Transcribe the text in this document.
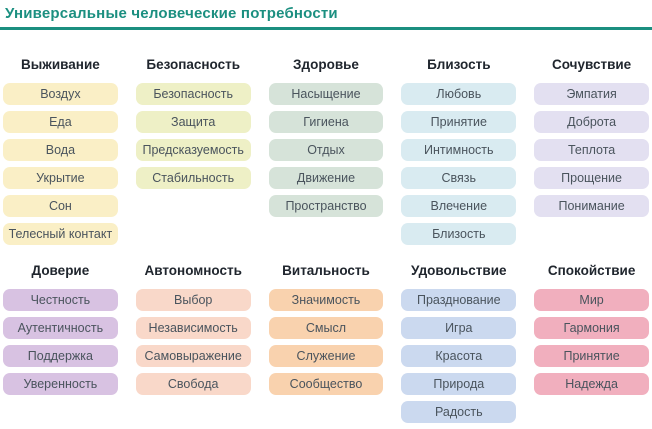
Универсальные человеческие потребности
Выживание
Воздух
Еда
Вода
Укрытие
Сон
Телесный контакт
Безопасность
Безопасность
Защита
Предсказуемость
Стабильность
Здоровье
Насыщение
Гигиена
Отдых
Движение
Пространство
Близость
Любовь
Принятие
Интимность
Связь
Влечение
Близость
Сочувствие
Эмпатия
Доброта
Теплота
Прощение
Понимание
Доверие
Честность
Аутентичность
Поддержка
Уверенность
Автономность
Выбор
Независимость
Самовыражение
Свобода
Витальность
Значимость
Смысл
Служение
Сообщество
Удовольствие
Празднование
Игра
Красота
Природа
Радость
Спокойствие
Мир
Гармония
Принятие
Надежда
